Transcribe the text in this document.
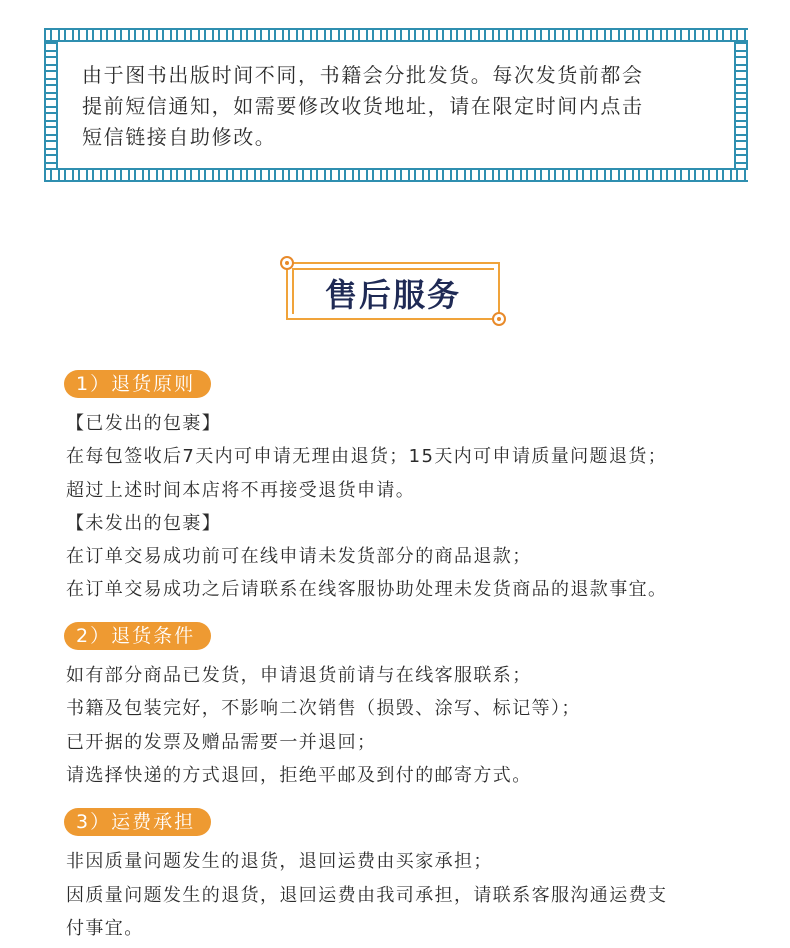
由于图书出版时间不同，书籍会分批发货。每次发货前都会
提前短信通知，如需要修改收货地址，请在限定时间内点击
短信链接自助修改。
售后服务
1）退货原则
【已发出的包裹】
在每包签收后7天内可申请无理由退货；15天内可申请质量问题退货；
超过上述时间本店将不再接受退货申请。
【未发出的包裹】
在订单交易成功前可在线申请未发货部分的商品退款；
在订单交易成功之后请联系在线客服协助处理未发货商品的退款事宜。
2）退货条件
如有部分商品已发货，申请退货前请与在线客服联系；
书籍及包装完好，不影响二次销售（损毁、涂写、标记等）；
已开据的发票及赠品需要一并退回；
请选择快递的方式退回，拒绝平邮及到付的邮寄方式。
3）运费承担
非因质量问题发生的退货，退回运费由买家承担；
因质量问题发生的退货，退回运费由我司承担，请联系客服沟通运费支
付事宜。
